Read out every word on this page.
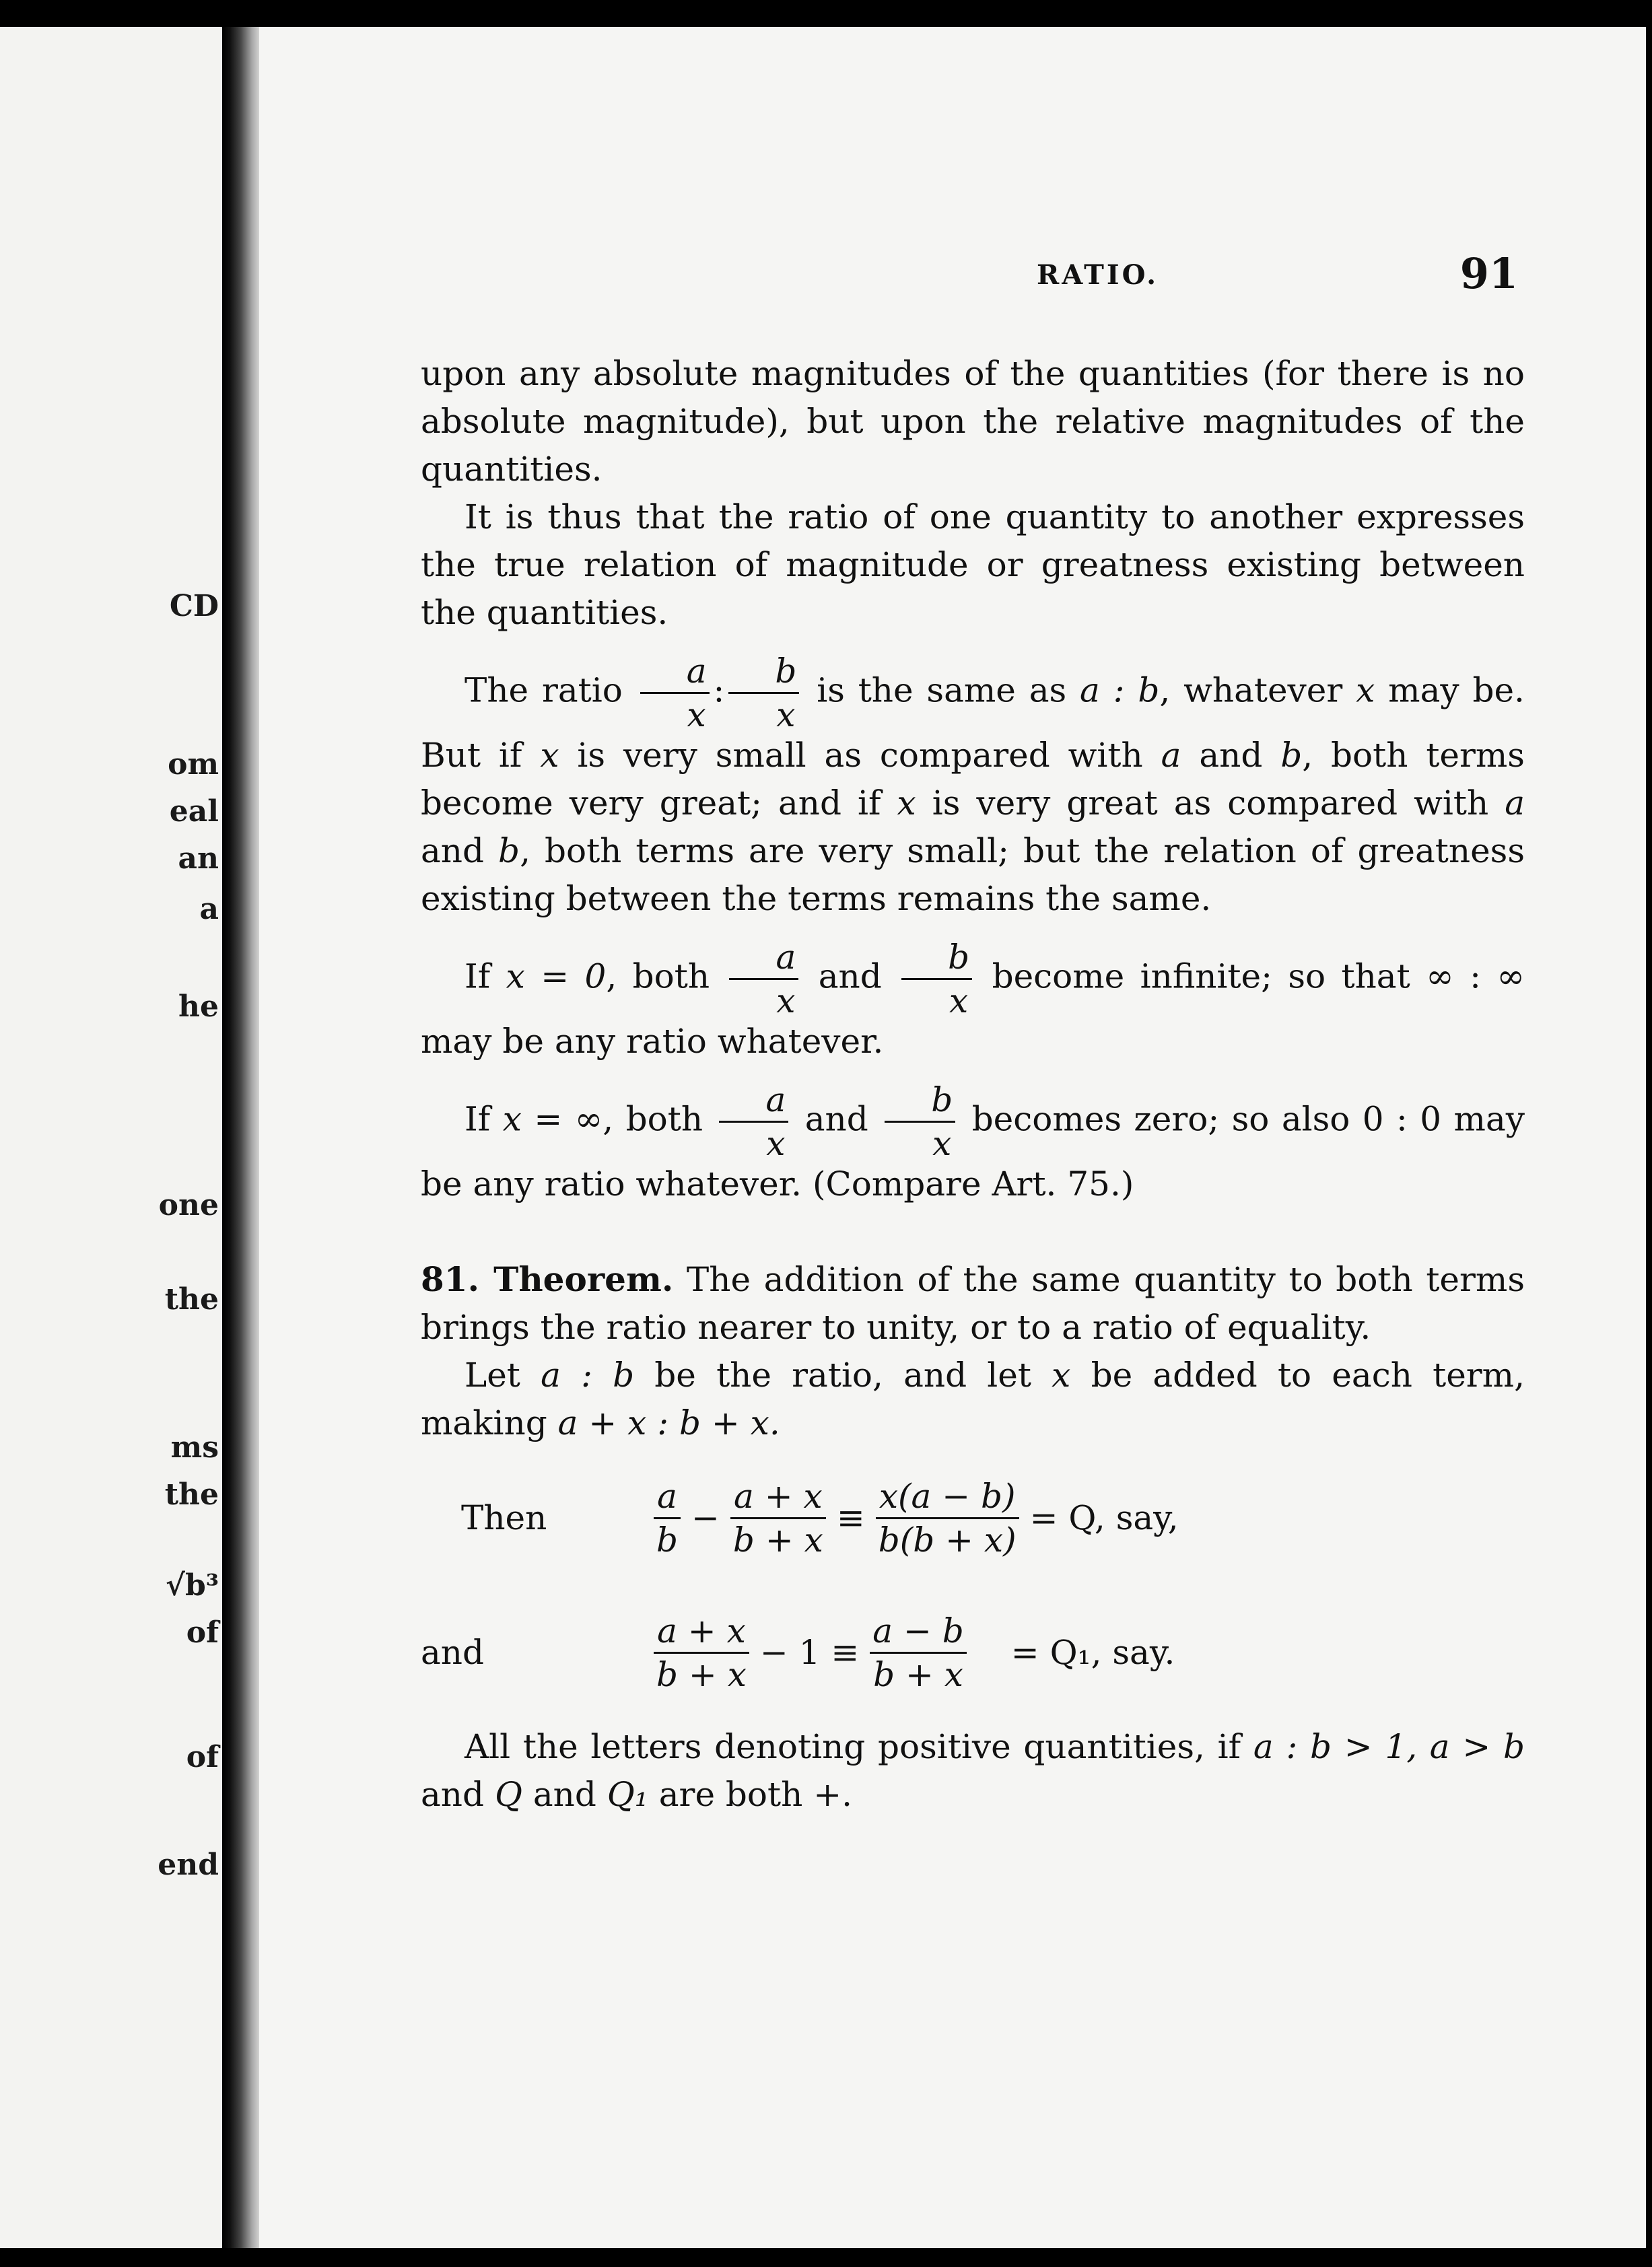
CD
om
eal
an
a
he
one
the
ms
the
√b³
of
of
end
RATIO.	91

upon any absolute magnitudes of the quantities (for there is no absolute magnitude), but upon the relative magnitudes of the quantities.

It is thus that the ratio of one quantity to another expresses the true relation of magnitude or greatness existing between the quantities.

The ratio $\frac{a}{x}$ : $\frac{b}{x}$ is the same as a : b, whatever x may be. But if x is very small as compared with a and b, both terms become very great; and if x is very great as compared with a and b, both terms are very small; but the relation of greatness existing between the terms remains the same.

If x = 0, both $\frac{a}{x}$ and $\frac{b}{x}$ become infinite; so that ∞ : ∞ may be any ratio whatever.

If x = ∞, both $\frac{a}{x}$ and $\frac{b}{x}$ becomes zero; so also 0 : 0 may be any ratio whatever. (Compare Art. 75.)

81. Theorem. The addition of the same quantity to both terms brings the ratio nearer to unity, or to a ratio of equality.

Let a : b be the ratio, and let x be added to each term, making a + x : b + x.

Then	$\frac{a}{b} - \frac{a + x}{b + x} \equiv \frac{x(a - b)}{b(b + x)} = Q$, say,
and	$\frac{a + x}{b + x} - 1 \equiv \frac{a - b}{b + x} = Q_1$, say.

All the letters denoting positive quantities, if a : b > 1, a > b and Q and Q₁ are both +.
